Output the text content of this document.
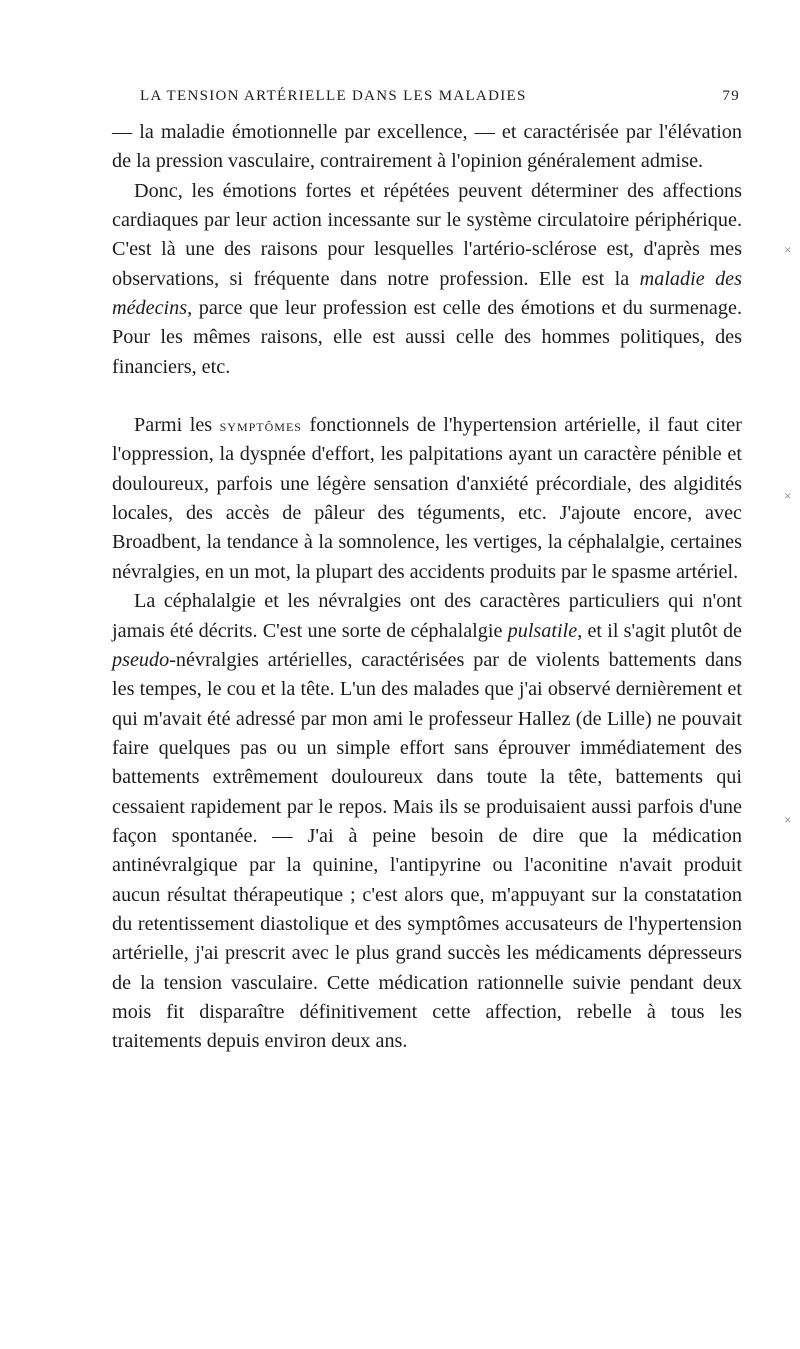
LA TENSION ARTÉRIELLE DANS LES MALADIES	79

— la maladie émotionnelle par excellence, — et caractérisée par l'élévation de la pression vasculaire, contrairement à l'opinion généralement admise.

Donc, les émotions fortes et répétées peuvent déterminer des affections cardiaques par leur action incessante sur le système circulatoire périphérique. C'est là une des raisons pour lesquelles l'artério-sclérose est, d'après mes observations, si fréquente dans notre profession. Elle est la maladie des médecins, parce que leur profession est celle des émotions et du surmenage. Pour les mêmes raisons, elle est aussi celle des hommes politiques, des financiers, etc.

Parmi les symptômes fonctionnels de l'hypertension artérielle, il faut citer l'oppression, la dyspnée d'effort, les palpitations ayant un caractère pénible et douloureux, parfois une légère sensation d'anxiété précordiale, des algidités locales, des accès de pâleur des téguments, etc. J'ajoute encore, avec Broadbent, la tendance à la somnolence, les vertiges, la céphalalgie, certaines névralgies, en un mot, la plupart des accidents produits par le spasme artériel.

La céphalalgie et les névralgies ont des caractères particuliers qui n'ont jamais été décrits. C'est une sorte de céphalalgie pulsatile, et il s'agit plutôt de pseudo-névralgies artérielles, caractérisées par de violents battements dans les tempes, le cou et la tête. L'un des malades que j'ai observé dernièrement et qui m'avait été adressé par mon ami le professeur Hallez (de Lille) ne pouvait faire quelques pas ou un simple effort sans éprouver immédiatement des battements extrêmement douloureux dans toute la tête, battements qui cessaient rapidement par le repos. Mais ils se produisaient aussi parfois d'une façon spontanée. — J'ai à peine besoin de dire que la médication antinévralgique par la quinine, l'antipyrine ou l'aconitine n'avait produit aucun résultat thérapeutique ; c'est alors que, m'appuyant sur la constatation du retentissement diastolique et des symptômes accusateurs de l'hypertension artérielle, j'ai prescrit avec le plus grand succès les médicaments dépresseurs de la tension vasculaire. Cette médication rationnelle suivie pendant deux mois fit disparaître définitivement cette affection, rebelle à tous les traitements depuis environ deux ans.

×
×
×
